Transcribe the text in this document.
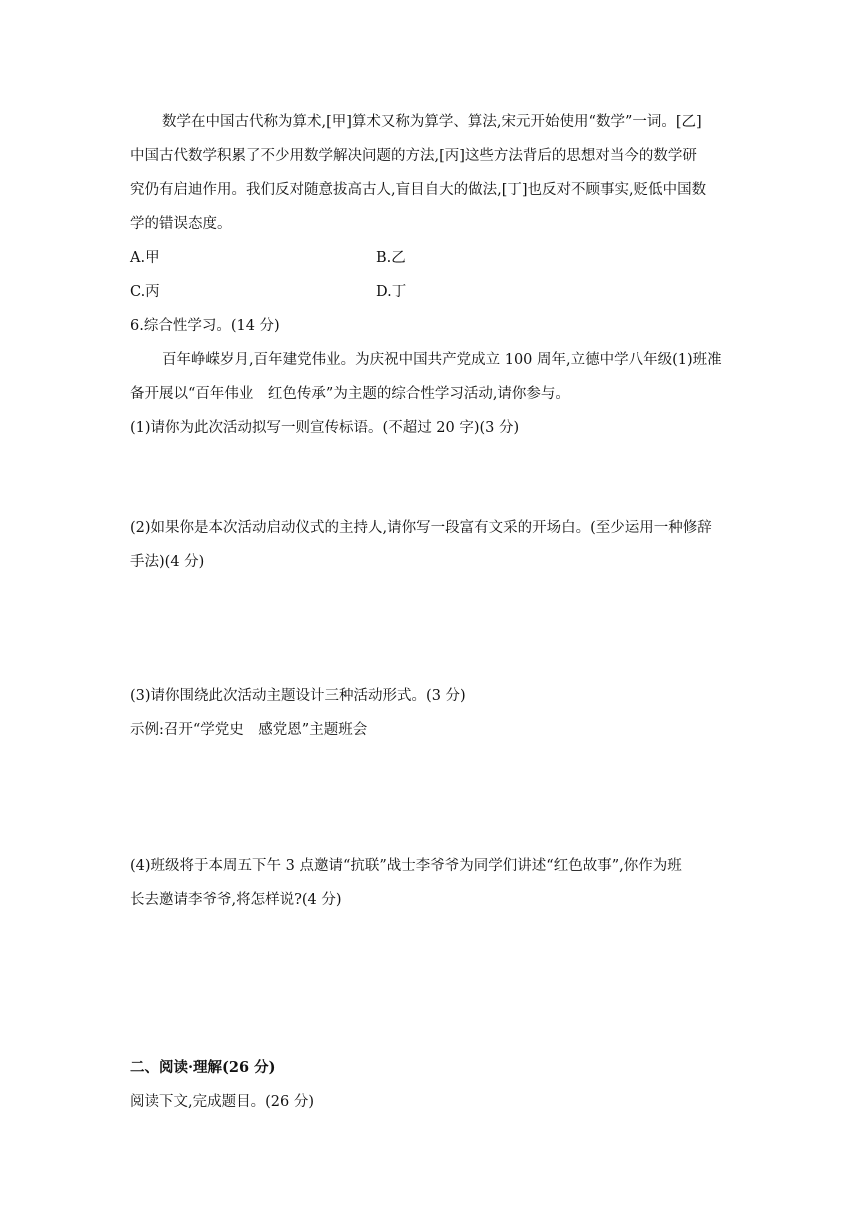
数学在中国古代称为算术,[甲]算术又称为算学、算法,宋元开始使用“数学”一词。[乙]
中国古代数学积累了不少用数学解决问题的方法,[丙]这些方法背后的思想对当今的数学研
究仍有启迪作用。我们反对随意拔高古人,盲目自大的做法,[丁]也反对不顾事实,贬低中国数
学的错误态度。
A.甲	B.乙
C.丙	D.丁
6.综合性学习。(14 分)
百年峥嵘岁月,百年建党伟业。为庆祝中国共产党成立 100 周年,立德中学八年级(1)班准
备开展以“百年伟业　红色传承”为主题的综合性学习活动,请你参与。
(1)请你为此次活动拟写一则宣传标语。(不超过 20 字)(3 分)
(2)如果你是本次活动启动仪式的主持人,请你写一段富有文采的开场白。(至少运用一种修辞
手法)(4 分)
(3)请你围绕此次活动主题设计三种活动形式。(3 分)
示例:召开“学党史　感党恩”主题班会
(4)班级将于本周五下午 3 点邀请“抗联”战士李爷爷为同学们讲述“红色故事”,你作为班
长去邀请李爷爷,将怎样说?(4 分)
二、阅读·理解(26 分)
阅读下文,完成题目。(26 分)
